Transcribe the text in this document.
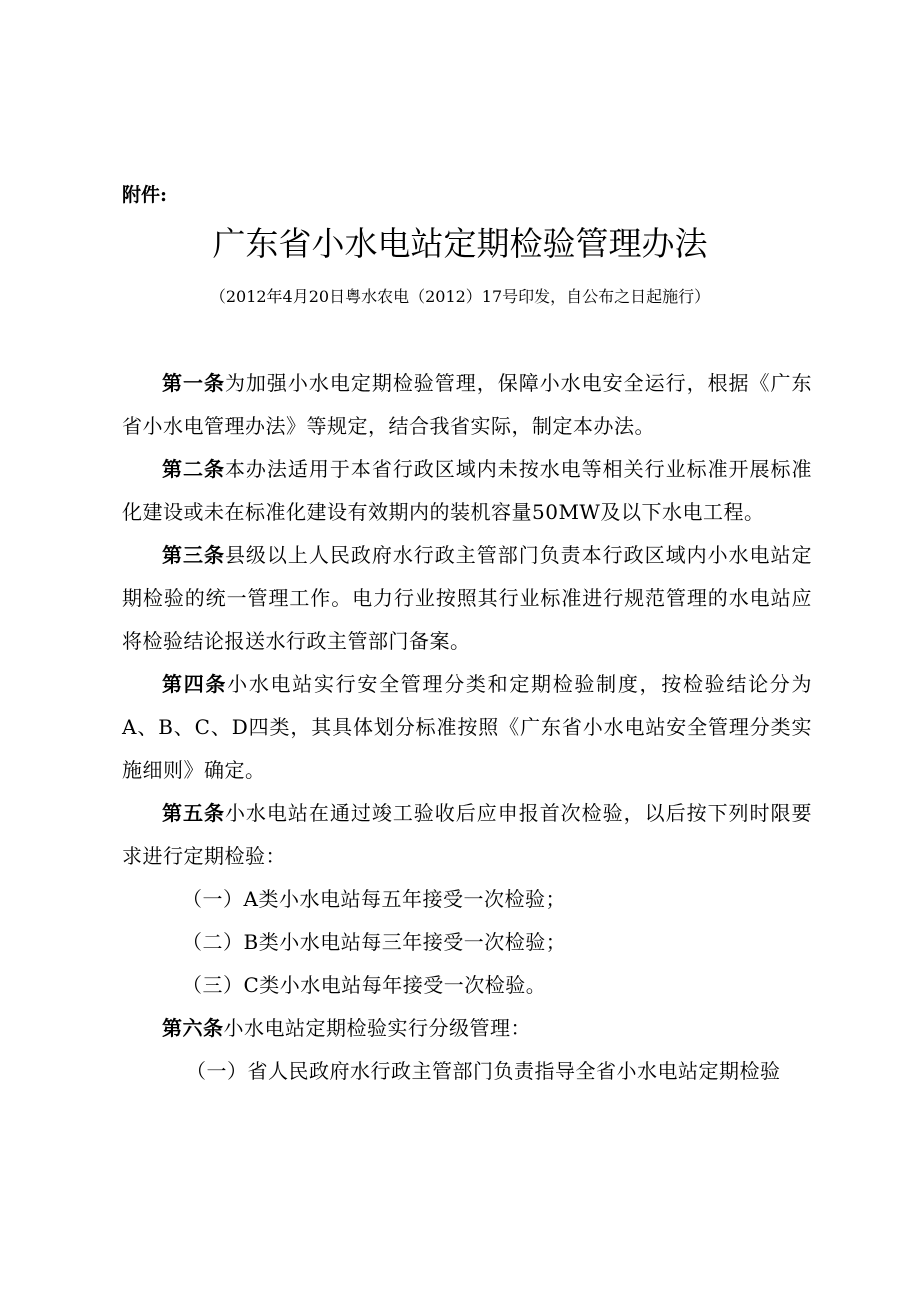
附件:
广东省小水电站定期检验管理办法
（2012年4月20日粤水农电（2012）17号印发，自公布之日起施行）

第一条为加强小水电定期检验管理，保障小水电安全运行，根据《广东省小水电管理办法》等规定，结合我省实际，制定本办法。

第二条本办法适用于本省行政区域内未按水电等相关行业标准开展标准化建设或未在标准化建设有效期内的装机容量50MW及以下水电工程。

第三条县级以上人民政府水行政主管部门负责本行政区域内小水电站定期检验的统一管理工作。电力行业按照其行业标准进行规范管理的水电站应将检验结论报送水行政主管部门备案。

第四条小水电站实行安全管理分类和定期检验制度，按检验结论分为A、B、C、D四类，其具体划分标准按照《广东省小水电站安全管理分类实施细则》确定。

第五条小水电站在通过竣工验收后应申报首次检验，以后按下列时限要求进行定期检验：

（一）A类小水电站每五年接受一次检验；

（二）B类小水电站每三年接受一次检验；

（三）C类小水电站每年接受一次检验。

第六条小水电站定期检验实行分级管理：

（一）省人民政府水行政主管部门负责指导全省小水电站定期检验
